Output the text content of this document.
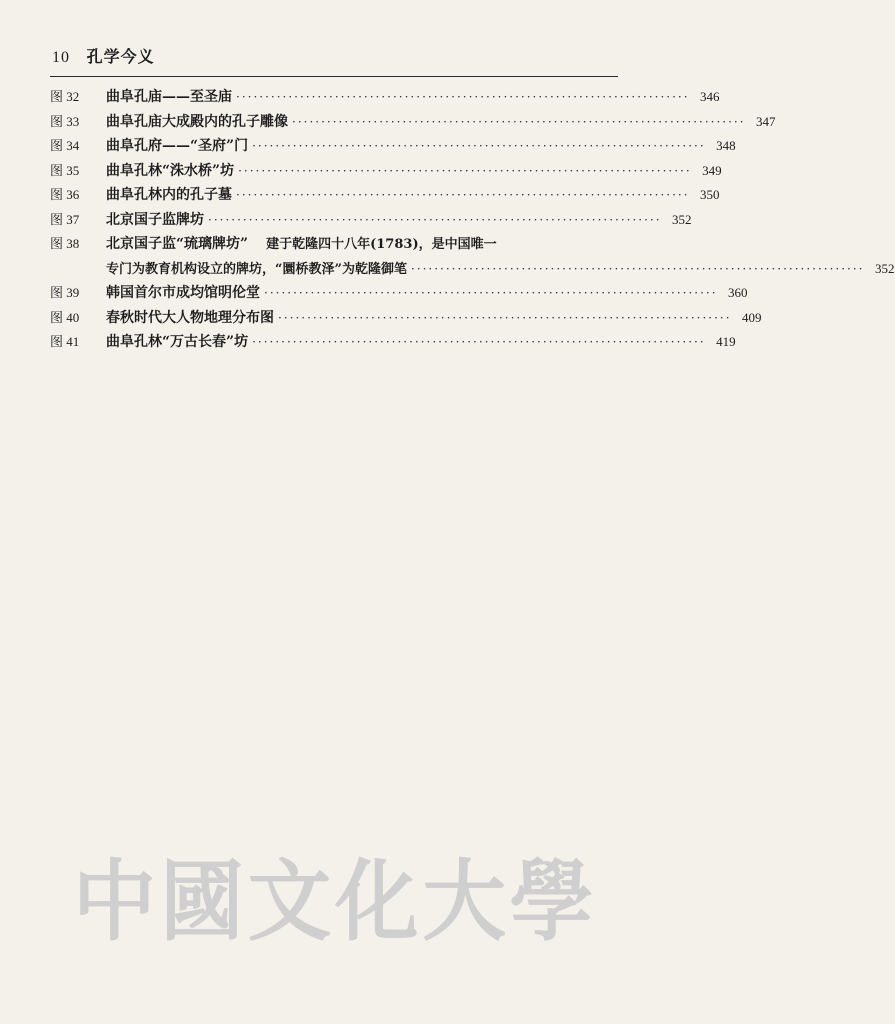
10 孔学今义
图 32	曲阜孔庙——至圣庙 ·············································································· 346
图 33	曲阜孔庙大成殿内的孔子雕像 ·············································································· 347
图 34	曲阜孔府——“圣府”门 ·············································································· 348
图 35	曲阜孔林“洙水桥”坊 ·············································································· 349
图 36	曲阜孔林内的孔子墓 ·············································································· 350
图 37	北京国子监牌坊 ·············································································· 352
图 38	北京国子监“琉璃牌坊” 建于乾隆四十八年(1783)，是中国唯一
专门为教育机构设立的牌坊，“圜桥教泽”为乾隆御笔 ·············································································· 352
图 39	韩国首尔市成均馆明伦堂 ·············································································· 360
图 40	春秋时代大人物地理分布图 ·············································································· 409
图 41	曲阜孔林“万古长春”坊 ·············································································· 419
中國文化大學
